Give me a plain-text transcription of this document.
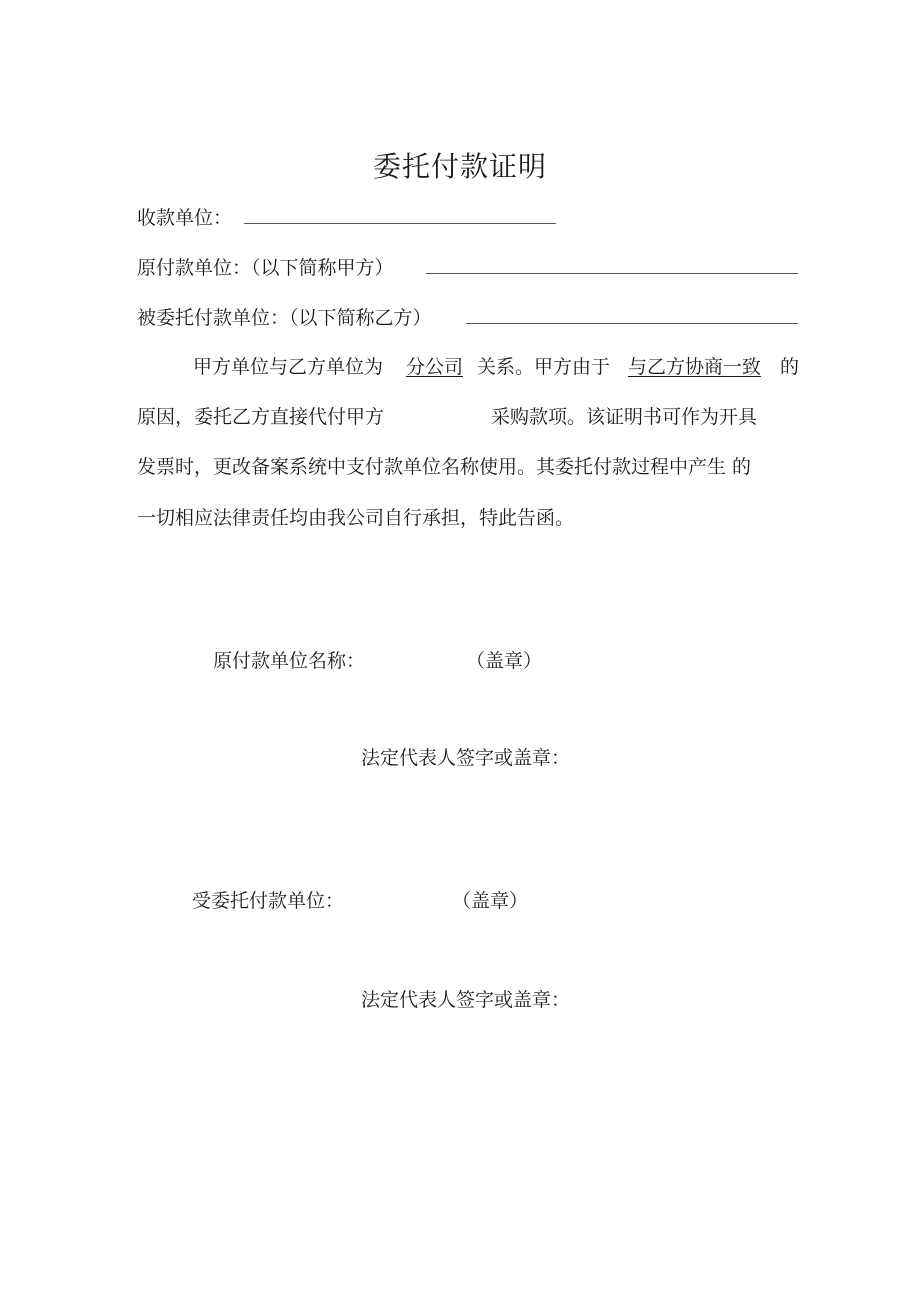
委托付款证明
收款单位：
原付款单位：（以下简称甲方）
被委托付款单位：（以下简称乙方）
甲方单位与乙方单位为 分公司 关系。甲方由于 与乙方协商一致 的
原因，委托乙方直接代付甲方	采购款项。该证明书可作为开具
发票时，更改备案系统中支付款单位名称使用。其委托付款过程中产生 的
一切相应法律责任均由我公司自行承担，特此告函。
原付款单位名称：	（盖章）
法定代表人签字或盖章：
受委托付款单位：	（盖章）
法定代表人签字或盖章：
